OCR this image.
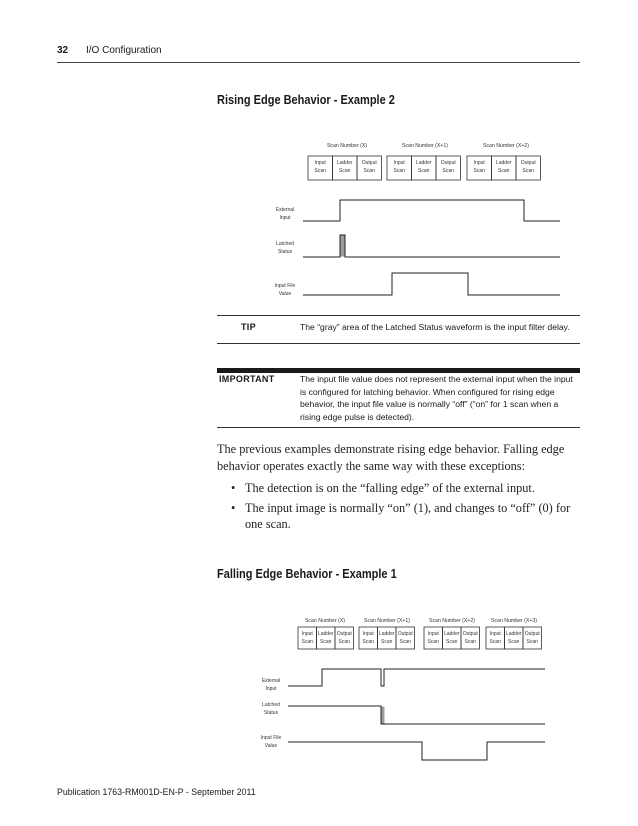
32 I/O Configuration
Rising Edge Behavior - Example 2
Scan Number (X)	Scan Number (X+1)	Scan Number (X+2)
Input
Scan
Ladder
Scan
Output
Scan
Input
Scan
Ladder
Scan
Output
Scan
Input
Scan
Ladder
Scan
Output
Scan
External
Input
Latched
Status
Input File
Value
TIP	The “gray” area of the Latched Status waveform is the input filter delay.
IMPORTANT	The input file value does not represent the external input when the input
is configured for latching behavior. When configured for rising edge
behavior, the input file value is normally “off” (“on” for 1 scan when a
rising edge pulse is detected).
The previous examples demonstrate rising edge behavior. Falling edge
behavior operates exactly the same way with these exceptions:
• The detection is on the “falling edge” of the external input.
• The input image is normally “on” (1), and changes to “off” (0) for
one scan.
Falling Edge Behavior - Example 1
Scan Number (X)	Scan Number (X+1)	Scan Number (X+2)	Scan Number (X+3)
Input
Scan
Ladder
Scan
Output
Scan
Input
Scan
Ladder
Scan
Output
Scan
Input
Scan
Ladder
Scan
Output
Scan
Input
Scan
Ladder
Scan
Output
Scan
External
Input
Latched
Status
Input File
Value
Publication 1763-RM001D-EN-P - September 2011
